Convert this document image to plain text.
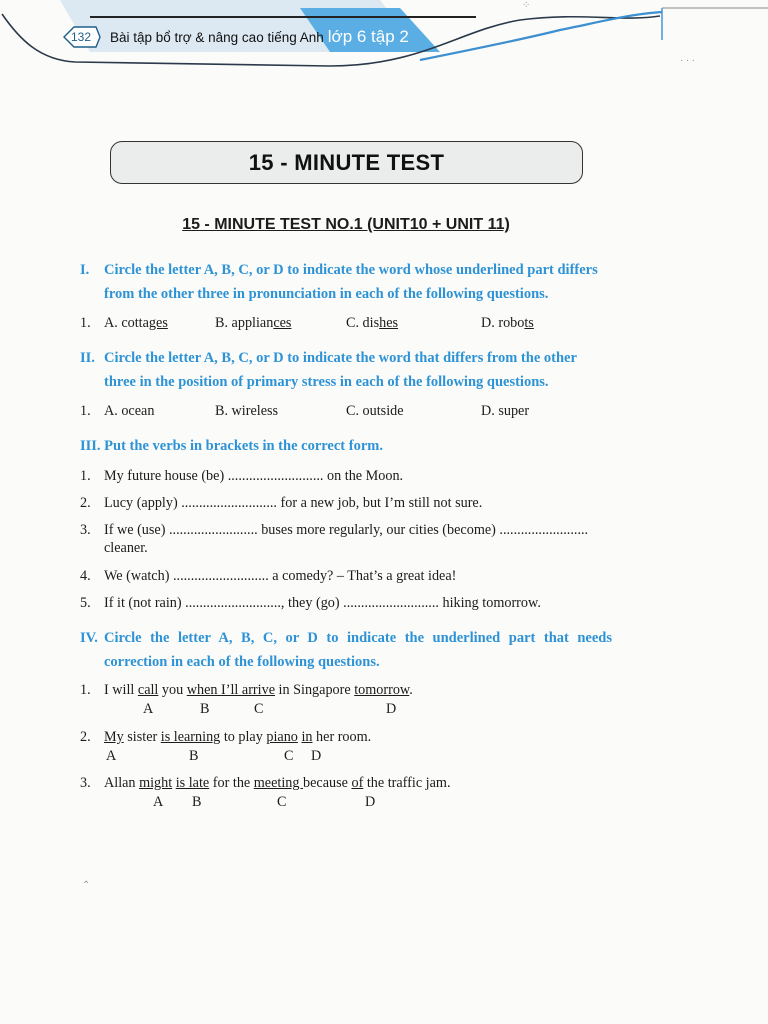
132 Bài tập bổ trợ & nâng cao tiếng Anh lớp 6 tập 2
⁘
· · ·
⌃
15 - MINUTE TEST
15 - MINUTE TEST NO.1 (UNIT10 + UNIT 11)
I. Circle the letter A, B, C, or D to indicate the word whose underlined part differs
from the other three in pronunciation in each of the following questions.
1. A. cottages	B. appliances	C. dishes	D. robots
II. Circle the letter A, B, C, or D to indicate the word that differs from the other
three in the position of primary stress in each of the following questions.
1. A. ocean	B. wireless	C. outside	D. super
III. Put the verbs in brackets in the correct form.
1. My future house (be) ........................... on the Moon.
2. Lucy (apply) ........................... for a new job, but I’m still not sure.
3. If we (use) ......................... buses more regularly, our cities (become) .........................
cleaner.
4. We (watch) ........................... a comedy? – That’s a great idea!
5. If it (not rain) ..........................., they (go) ........................... hiking tomorrow.
IV. Circle the letter A, B, C, or D to indicate the underlined part that needs
correction in each of the following questions.
1. I will call you when I’ll arrive in Singapore tomorrow.
A	B	C	D
2. My sister is learning to play piano in her room.
A	B	C D
3. Allan might is late for the meeting because of the traffic jam.
A B	C	D
